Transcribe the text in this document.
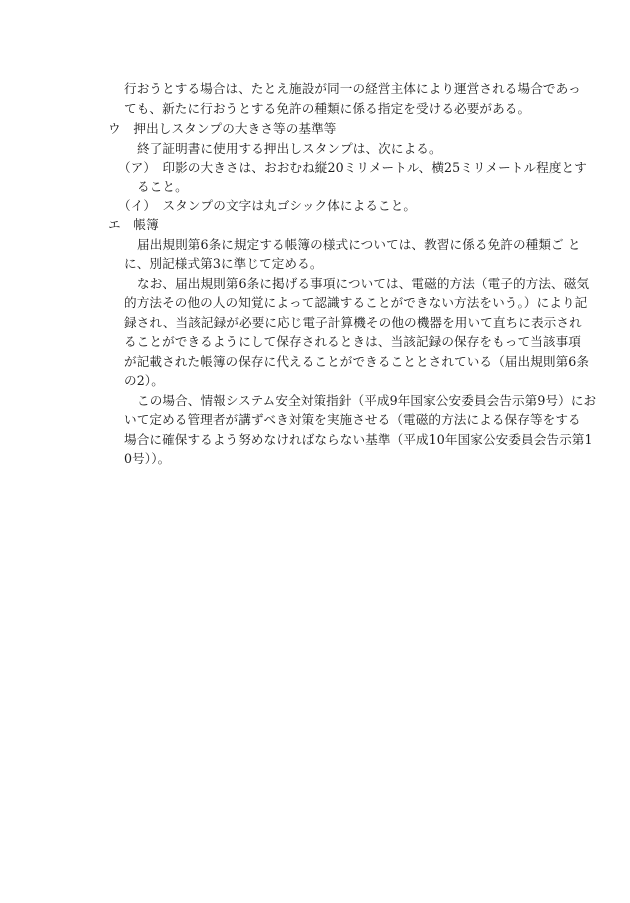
行おうとする場合は、たとえ施設が同一の経営主体により運営される場合であっ
ても、新たに行おうとする免許の種類に係る指定を受ける必要がある。
ウ　押出しスタンプの大きさ等の基準等
終了証明書に使用する押出しスタンプは、次による。
（ア）　印影の大きさは、おおむね縦20ミリメートル、横25ミリメートル程度とす
ること。
（イ）　スタンプの文字は丸ゴシック体によること。
エ　帳簿
届出規則第6条に規定する帳簿の様式については、教習に係る免許の種類ご と
に、別記様式第3に準じて定める。
なお、届出規則第6条に掲げる事項については、電磁的方法（電子的方法、磁気
的方法その他の人の知覚によって認識することができない方法をいう。）により記
録され、当該記録が必要に応じ電子計算機その他の機器を用いて直ちに表示され
ることができるようにして保存されるときは、当該記録の保存をもって当該事項
が記載された帳簿の保存に代えることができることとされている（届出規則第6条
の2）。
この場合、情報システム安全対策指針（平成9年国家公安委員会告示第9号）にお
いて定める管理者が講ずべき対策を実施させる（電磁的方法による保存等をする
場合に確保するよう努めなければならない基準（平成10年国家公安委員会告示第1
0号））。
